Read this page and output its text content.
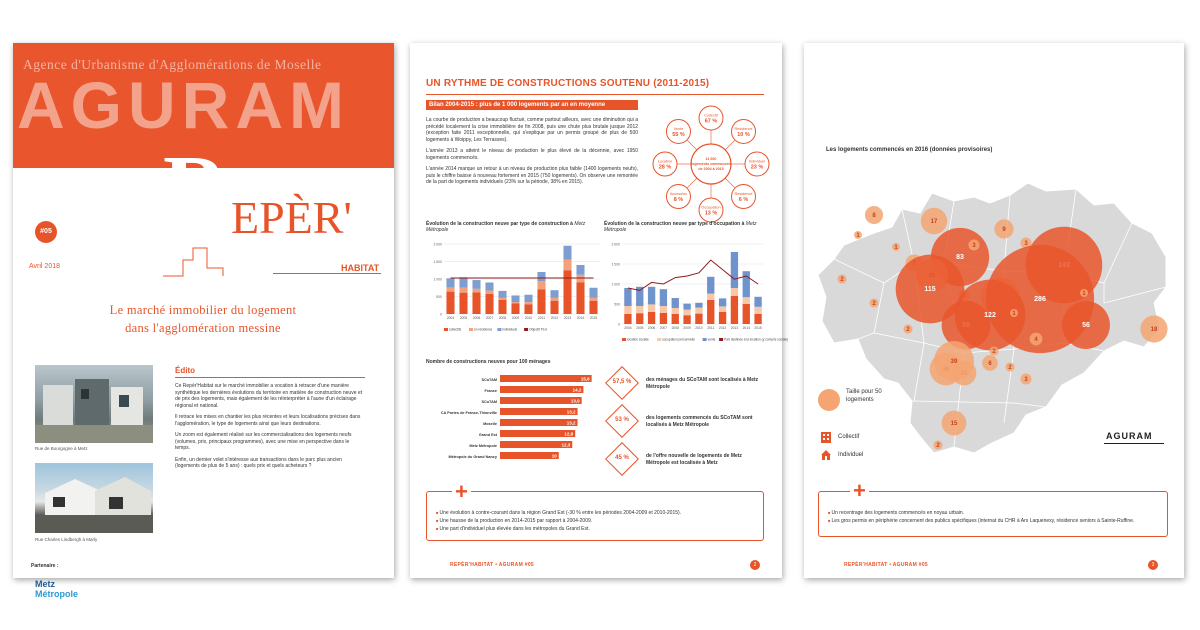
Agence d'Urbanisme d'Agglomérations de Moselle
AGURAM
R EPÈR'
#05
Avril 2018	HABITAT
Le marché immobilier du logement
dans l'agglomération messine
Rue de Bourgogne à Metz
Rue Charles Lindbergh à Marly
Édito

Ce Repèr'Habitat sur le marché immobilier a vocation à retracer d'une manière synthétique les dernières évolutions du territoire en matière de construction neuve et de prix des logements, mais également de les réinterpréter à l'aune d'un éclairage régional et national.

Il retrace les mises en chantier les plus récentes et leurs localisations précises dans l'agglomération, le type de logements ainsi que leurs destinations.

Un zoom est également réalisé sur les commercialisations des logements neufs (volumes, prix, principaux programmes), avec une mise en perspective dans le temps.

Enfin, un dernier volet s'intéresse aux transactions dans le parc plus ancien (logements de plus de 5 ans) : quels prix et quels acheteurs ?

Partenaire :
Metz
Métropole
UN RYTHME DE CONSTRUCTIONS SOUTENU (2011-2015)
Bilan 2004-2015 : plus de 1 000 logements par an en moyenne

La courbe de production a beaucoup fluctué, comme partout ailleurs, avec une diminution qui a précédé localement la crise immobilière de fin 2008, puis une chute plus brutale jusque 2012 (exception faite 2011 exceptionnelle, qui s'explique par un permis groupé de plus de 500 logements à Woippy, Les Terrasses).

L'année 2013 a atteint le niveau de production le plus élevé de la décennie, avec 1950 logements commencés.

L'année 2014 marque un retour à un niveau de production plus faible (1400 logements neufs), puis le chiffre baisse à nouveau fortement en 2015 (750 logements). On observe une remontée de la part de logements individuels (23% sur la période, 38% en 2015).

11 600
logements commencés
de 2004 à 2015
Collectif
67 %
Résidence
10 %
Individuel
23 %
Résidence
6 %
Occupation
13 %
Accession
8 %
Location
28 %
Vente
55 %
Évolution de la construction neuve par type de construction à Metz Métropole
0
500
1 000
1 500
2 000
2004 2005 2006 2007 2008 2009 2010 2011 2012 2013 2014 2015
collectifs	en résidence	individuels	Objectif PLH
Évolution de la construction neuve par type d'occupation à Metz Métropole
0
500
1 000
1 500
2 000
2004 2005 2006 2007 2008 2009 2010 2011 2012 2013 2014 2015
location sociale	occupation personnelle	vente	Part destinée à la location (y compris sociale)
Nombre de constructions neuves pour 100 ménages
SCoTAM	15,6
France	14,2
SCoTAM	13,9
CA Portes de France-Thionville	13,2
Moselle	13,2
Grand Est	12,8
Metz Métropole	12,3
Métropole du Grand Nancy	10
57,5 %	des ménages du SCoTAM sont localisés à Metz Métropole
53 %	des logements commencés du SCoTAM sont localisés à Metz Métropole
45 %	de l'offre nouvelle de logements de Metz Métropole est localisée à Metz
+
■ Une évolution à contre-courant dans la région Grand Est (-30 % entre les périodes 2004-2009 et 2010-2015).
■ Une hausse de la production en 2014-2015 par rapport à 2004-2009.
■ Une part d'individuel plus élevée dans les métropoles du Grand Est.
REPÈR'HABITAT • AGURAM #05	2
Les logements commencés en 2016 (données provisoires)
17
8
1
1
83
3
9
115
3
286
56
18
122	1
4
2
39	6
2
3
15
2
2
2
2
1
Taille pour 50 logements
Collectif
Individuel
AGURAM
+
■ Un recentrage des logements commencés en noyau urbain.
■ Les gros permis en périphérie concernent des publics spécifiques (internat du CHR à Ars Laquenexy, résidence seniors à Sainte-Ruffine.
REPÈR'HABITAT • AGURAM #05	3
